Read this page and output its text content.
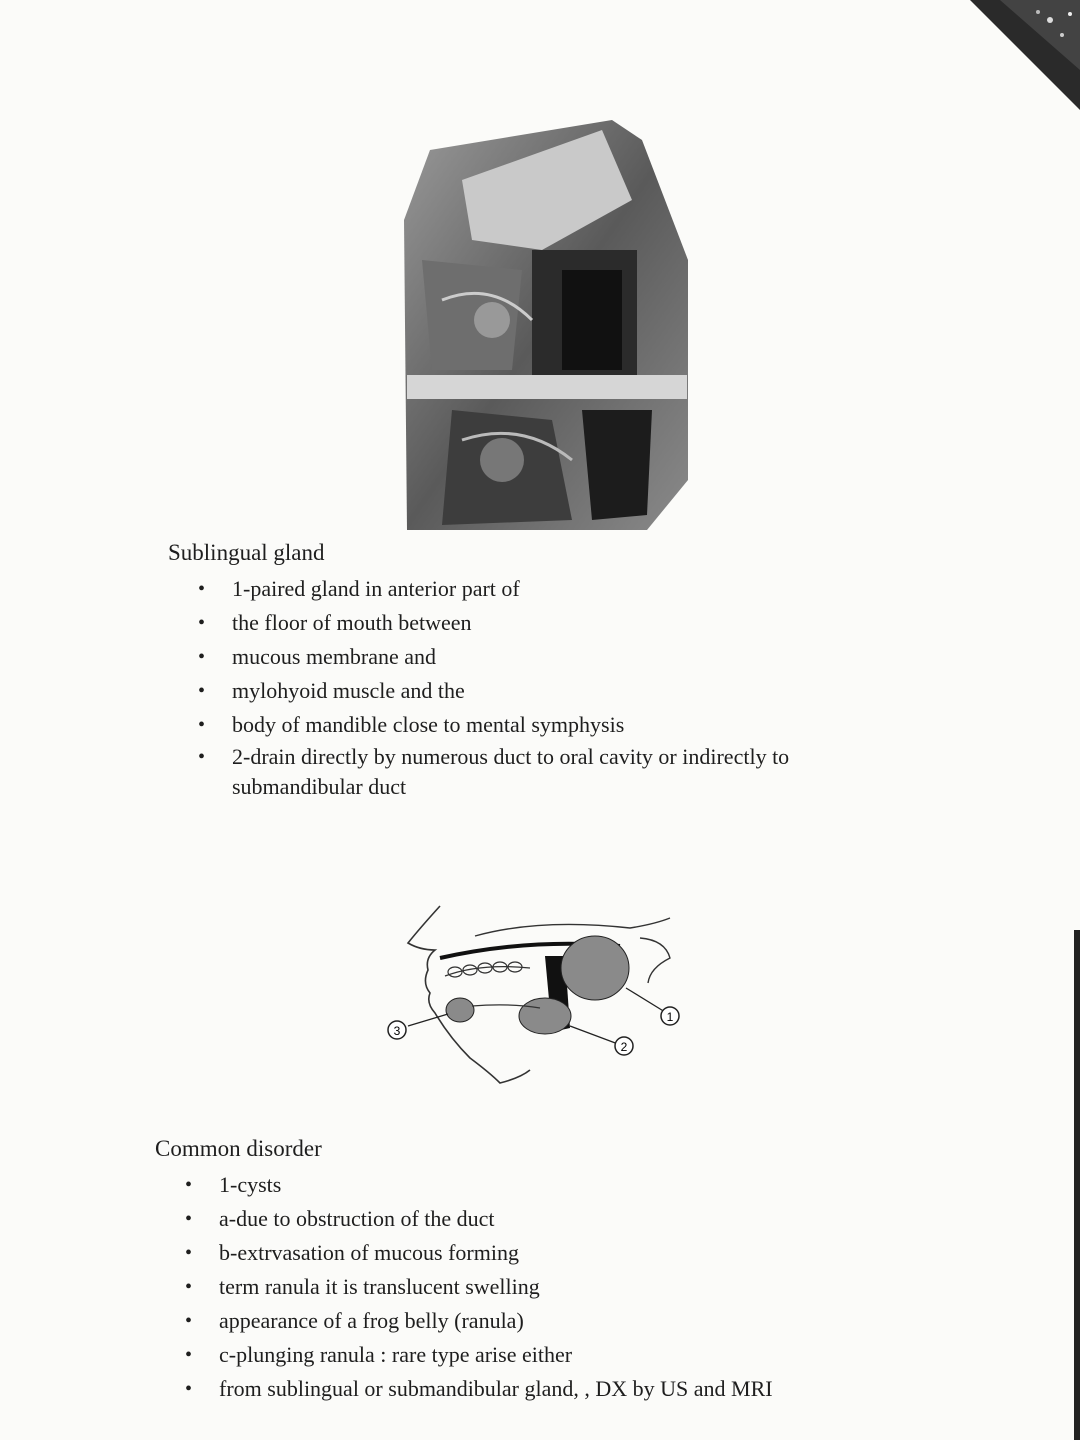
Sublingual gland
• 1-paired gland in anterior part of
• the floor of mouth between
• mucous membrane and
• mylohyoid muscle and the
• body of mandible close to mental symphysis
• 2-drain directly by numerous duct to oral cavity or indirectly to submandibular duct
1
2
3
Common disorder
• 1-cysts
• a-due to obstruction of the duct
• b-extrvasation of mucous forming
• term ranula it is translucent swelling
• appearance of a frog belly (ranula)
• c-plunging ranula : rare type arise either
• from sublingual or submandibular gland, , DX by US and MRI
